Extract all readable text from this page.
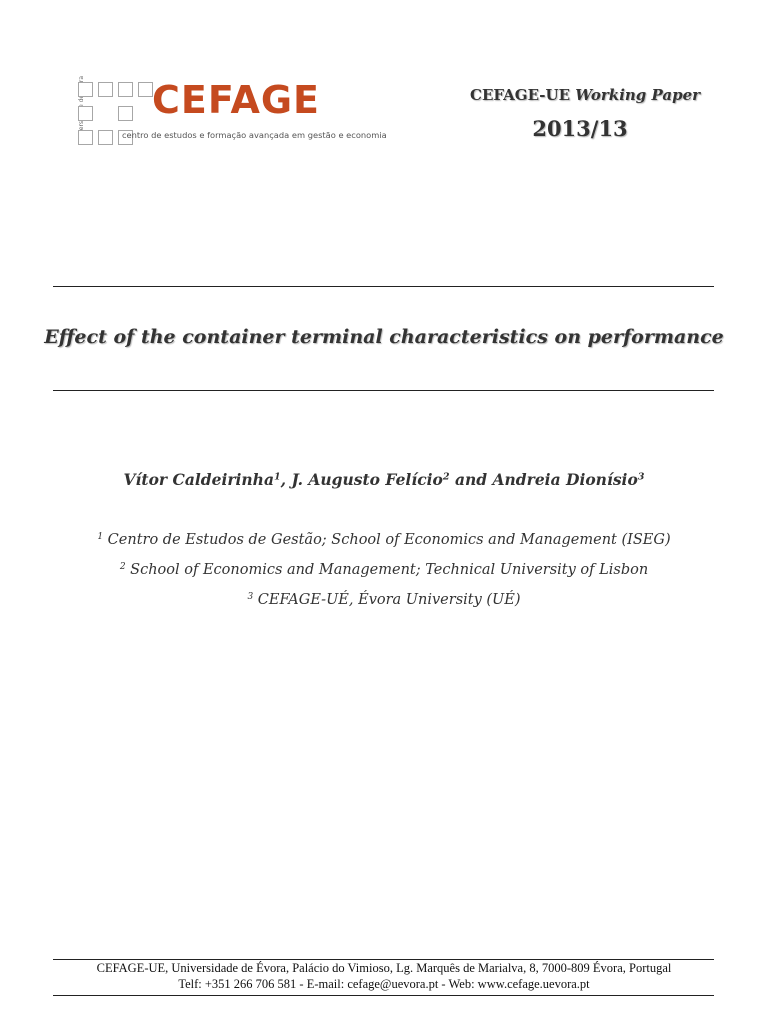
CEFAGE
centro de estudos e formação avançada em gestão e economia
CEFAGE-UE Working Paper
2013/13
Effect of the container terminal characteristics on performance
Vítor Caldeirinha$^1$, J. Augusto Felício$^2$ and Andreia Dionísio$^3$
$^1$ Centro de Estudos de Gestão; School of Economics and Management (ISEG)
$^2$ School of Economics and Management; Technical University of Lisbon
$^3$ CEFAGE-UÉ, Évora University (UÉ)
CEFAGE-UE, Universidade de Évora, Palácio do Vimioso, Lg. Marquês de Marialva, 8, 7000-809 Évora, Portugal
Telf: +351 266 706 581 - E-mail: cefage@uevora.pt - Web: www.cefage.uevora.pt
